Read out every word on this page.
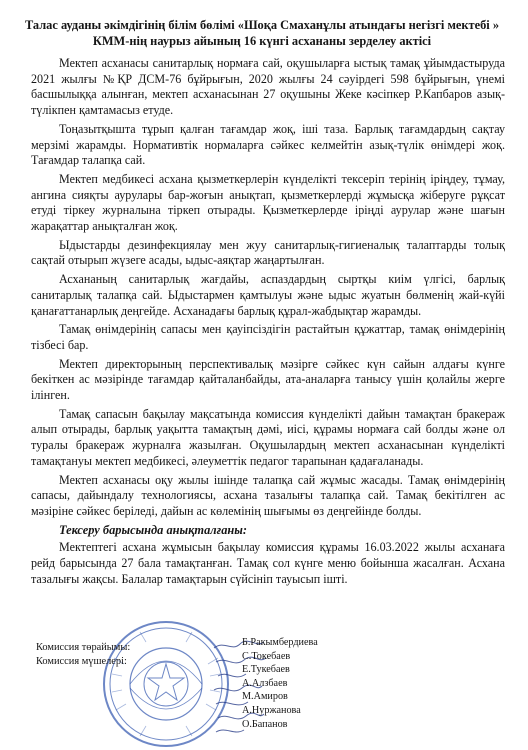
Талас ауданы әкімдігінің білім бөлімі «Шоқа Смаханұлы атындағы негізгі мектебі » КММ-нің наурыз айының 16 күнгі асхананы зерделеу актісі

Мектеп асханасы санитарлық нормаға сай, оқушыларға ыстық тамақ ұйымдастыруда 2021 жылғы №ҚР ДСМ-76 бұйрығын, 2020 жылғы 24 сәуірдегі 598 бұйрығын, үнемі басшылыққа алынған, мектеп асханасынан 27 оқушыны Жеке кәсіпкер Р.Капбаров азық-түлікпен қамтамасыз етуде.

Тоңазытқышта тұрып қалған тағамдар жоқ, іші таза. Барлық тағамдардың сақтау мерзімі жарамды. Нормативтік нормаларға сәйкес келмейтін азық-түлік өнімдері жоқ. Тағамдар талапқа сай.

Мектеп медбикесі асхана қызметкерлерін күнделікті тексеріп терінің іріңдеу, тұмау, ангина сияқты аурулары бар-жоғын анықтап, қызметкерлерді жұмысқа жіберуге рұқсат етуді тіркеу журналына тіркеп отырады. Қызметкерлерде іріңді аурулар және шағын жарақаттар анықталған жоқ.

Ыдыстарды дезинфекциялау мен жуу санитарлық-гигиеналық талаптарды толық сақтай отырып жүзеге асады, ыдыс-аяқтар жаңартылған.

Асхананың санитарлық жағдайы, аспаздардың сыртқы киім үлгісі, барлық санитарлық талапқа сай. Ыдыстармен қамтылуы және ыдыс жуатын бөлменің жай-күйі қанағаттанарлық деңгейде. Асханадағы барлық құрал-жабдықтар жарамды.

Тамақ өнімдерінің сапасы мен қауіпсіздігін растайтын құжаттар, тамақ өнімдерінің тізбесі бар.

Мектеп директорының перспективалық мәзірге сәйкес күн сайын алдағы күнге бекіткен ас мәзірінде тағамдар қайталанбайды, ата-аналарға танысу үшін қолайлы жерге ілінген.

Тамақ сапасын бақылау мақсатында комиссия күнделікті дайын тамақтан бракераж алып отырады, барлық уақытта тамақтың дәмі, иісі, құрамы нормаға сай болды және ол туралы бракераж журналға жазылған. Оқушылардың мектеп асханасынан күнделікті тамақтануы мектеп медбикесі, әлеуметтік педагог тарапынан қадағаланады.

Мектеп асханасы оқу жылы ішінде талапқа сай жұмыс жасады. Тамақ өнімдерінің сапасы, дайындалу технологиясы, асхана тазалығы талапқа сай. Тамақ бекітілген ас мәзіріне сәйкес беріледі, дайын ас көлемінің шығымы өз деңгейінде болды.

Тексеру барысында анықталғаны:

Мектептегі асхана жұмысын бақылау комиссия құрамы 16.03.2022 жылы асханаға рейд барысында 27 бала тамақтанған. Тамақ сол күнге меню бойынша жасалған. Асхана тазалығы жақсы. Балалар тамақтарын сүйсініп тауысып ішті.

Комиссия төрайымы:
Комиссия мүшелері:
Б.Ракымбердиева
С.Токебаев
Е.Тукебаев
А.Алзбаев
М.Амиров
А.Нуржанова
О.Бапанов
